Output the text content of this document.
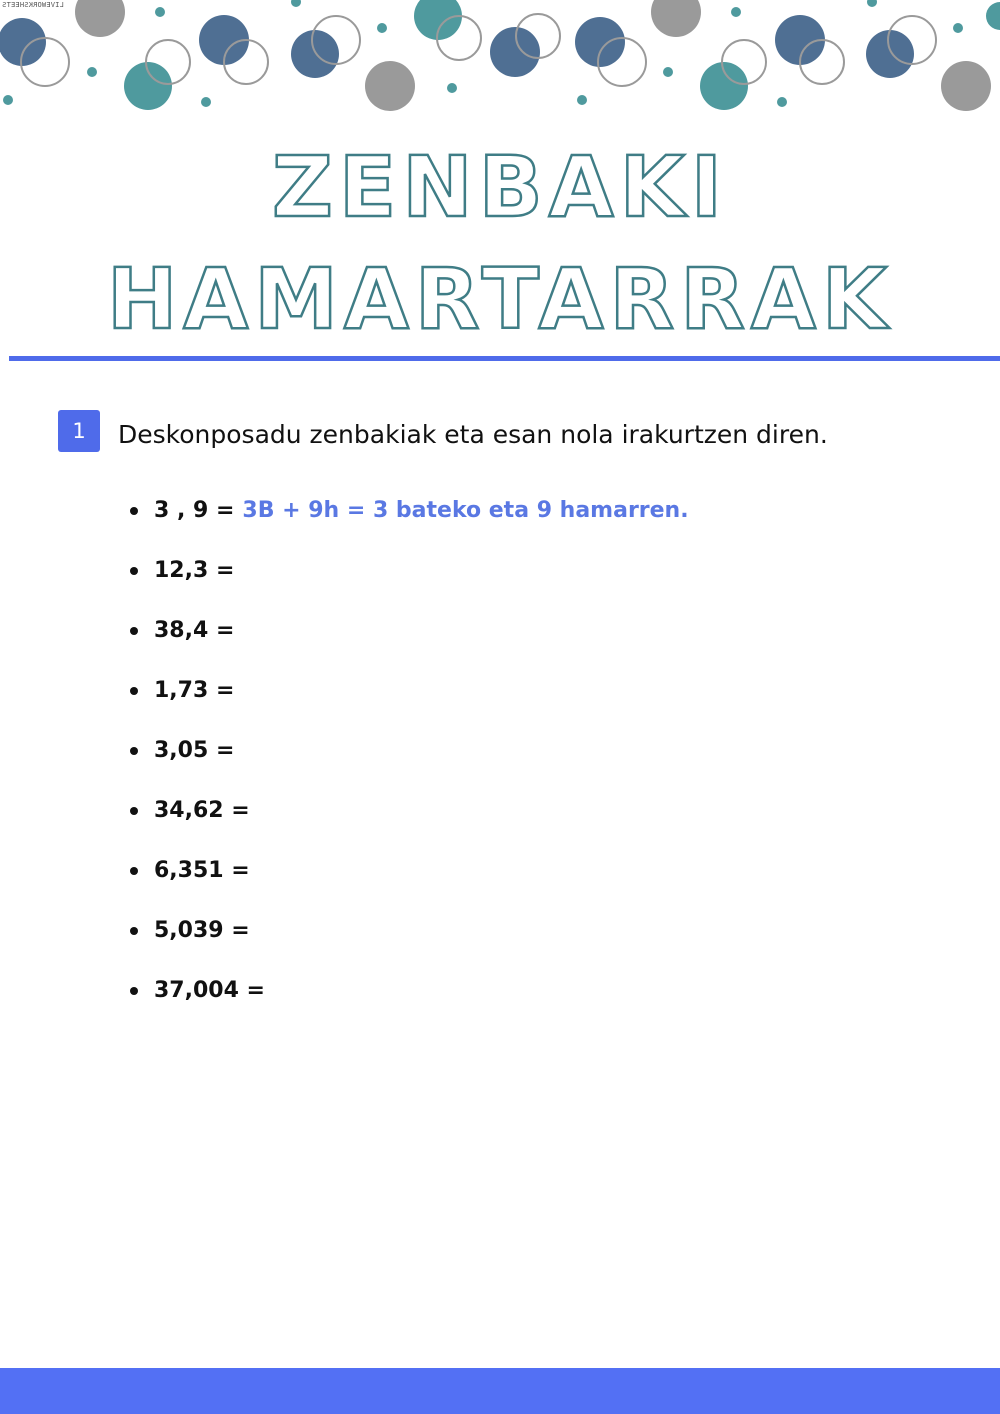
LIVEWORKSHEETS
ZENBAKI
HAMARTARRAK
1	Deskonposadu zenbakiak eta esan nola irakurtzen diren.
3 , 9 = 3B + 9h = 3 bateko eta 9 hamarren.
12,3 =
38,4 =
1,73 =
3,05 =
34,62 =
6,351 =
5,039 =
37,004 =
